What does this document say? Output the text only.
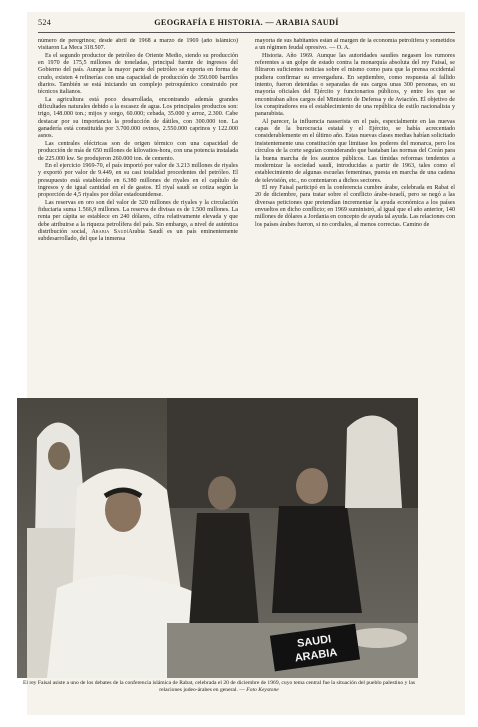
524	GEOGRAFÍA E HISTORIA. — ARABIA SAUDÍ

número de peregrinos; desde abril de 1968 a marzo de 1969 (año islámico) visitaron La Meca 318.507.

Es el segundo productor de petróleo de Oriente Medio, siendo su producción en 1970 de 175,5 millones de toneladas, principal fuente de ingresos del Gobierno del país. Aunque la mayor parte del petróleo se exporta en forma de crudo, existen 4 refinerías con una capacidad de producción de 350.000 barriles diarios. También se está iniciando un complejo petroquímico construido por técnicos italianos.

La agricultura está poco desarrollada, encontrando además grandes dificultades naturales debido a la escasez de agua. Los principales productos son: trigo, 148.000 ton.; mijos y sorgo, 60.000; cebada, 35.000 y arroz, 2.300. Cabe destacar por su importancia la producción de dátiles, con 300.000 ton. La ganadería está constituida por 3.700.000 ovinos, 2.550.000 caprinos y 122.000 asnos.

Las centrales eléctricas son de origen térmico con una capacidad de producción de más de 650 millones de kilovatios-hora, con una potencia instalada de 225.000 kw. Se produjeron 260.000 ton. de cemento.

En el ejercicio 1969-70, el país importó por valor de 3.213 millones de riyales y exportó por valor de 9.449, en su casi totalidad procedentes del petróleo. El presupuesto está establecido en 6.380 millones de riyales en el capítulo de ingresos y de igual cantidad en el de gastos. El riyal saudí se cotiza según la proporción de 4,5 riyales por dólar estadounidense.

Las reservas en oro son del valor de 320 millones de riyales y la circulación fiduciaria suma 1.566,9 millones. La reserva de divisas es de 1.500 millones. La renta per cápita se establece en 240 dólares, cifra relativamente elevada y que debe atribuirse a la riqueza petrolífera del país. Sin embargo, a nivel de auténtica distribución social, Arabia SaudíArabia Saudí es un país eminentemente subdesarrollado, del que la inmensa

mayoría de sus habitantes están al margen de la economía petrolífera y sometidos a un régimen feudal opresivo. — O. A.

Historia. Año 1969. Aunque las autoridades saudíes negasen los rumores referentes a un golpe de estado contra la monarquía absoluta del rey Faisal, se filtraron suficientes noticias sobre el mismo como para que la prensa occidental pudiera confirmar su envergadura. En septiembre, como respuesta al fallido intento, fueron detenidas o separadas de sus cargos unas 300 personas, en su mayoría oficiales del Ejército y funcionarios públicos, y entre los que se encontraban altos cargos del Ministerio de Defensa y de Aviación. El objetivo de los conspiradores era el establecimiento de una república de estilo nacionalista y panarabista.

Al parecer, la influencia nasserista en el país, especialmente en las nuevas capas de la burocracia estatal y el Ejército, se había acrecentado considerablemente en el último año. Estas nuevas clases medias habían solicitado insistentemente una constitución que limitase los poderes del monarca, pero los círculos de la corte seguían considerando que bastaban las normas del Corán para la buena marcha de los asuntos públicos. Las tímidas reformas tendentes a modernizar la sociedad saudí, introducidas a partir de 1963, tales como el establecimiento de algunas escuelas femeninas, puesta en marcha de una cadena de televisión, etc., no contentaron a dichos sectores.

El rey Faisal participó en la conferencia cumbre árabe, celebrada en Rabat el 20 de diciembre, para tratar sobre el conflicto árabe-israelí, pero se negó a las diversas peticiones que pretendían incrementar la ayuda económica a los países envueltos en dicho conflicto; en 1969 suministró, al igual que el año anterior, 140 millones de dólares a Jordania en concepto de ayuda tal ayuda. Las relaciones con los países árabes fueron, si no cordiales, al menos correctas. Camino de

SAUDI
ARABIA
El rey Faisal asiste a uno de los debates de la conferencia islámica de Rabat, celebrada el 20 de diciembre de 1969, cuyo tema central fue la situación del pueblo palestino y las relaciones judeo-árabes en general. — Foto Keystone
